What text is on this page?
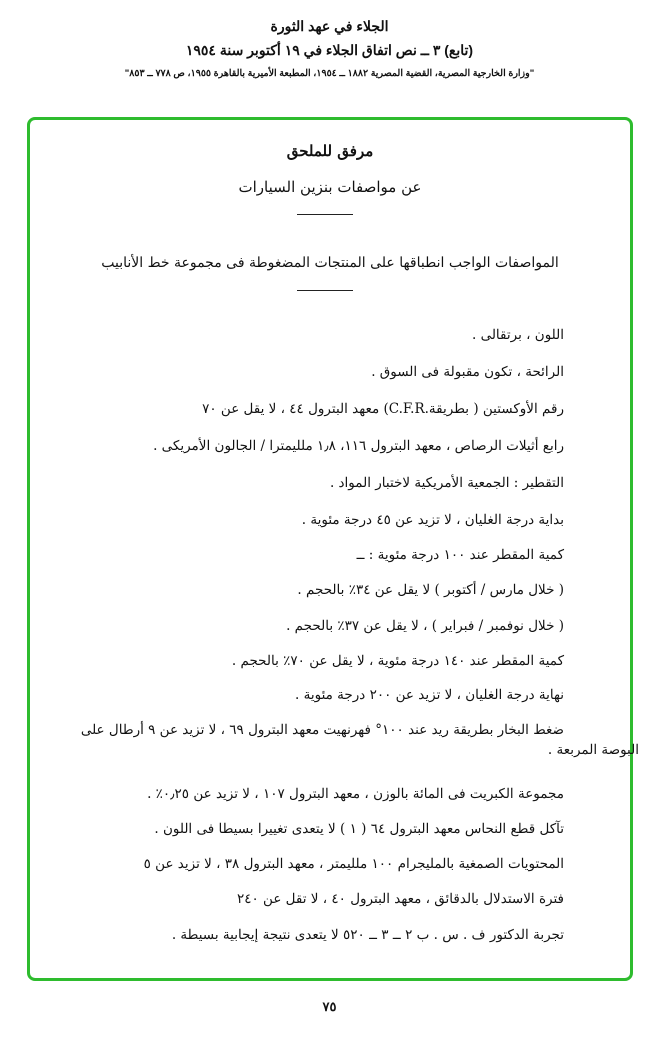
الجلاء في عهد الثورة
(تابع) ٣ ــ نص اتفاق الجلاء في ١٩ أكتوبر سنة ١٩٥٤
"وزارة الخارجية المصرية، القضية المصرية ١٨٨٢ ــ ١٩٥٤، المطبعة الأميرية بالقاهرة ١٩٥٥، ص ٧٧٨ ــ ٨٥٣"
مرفق للملحق
عن مواصفات بنزين السيارات
المواصفات الواجب انطباقها على المنتجات المضغوطة فى مجموعة خط الأنابيب
اللون ، برتقالى .
الرائحة ، تكون مقبولة فى السوق .
رقم الأوكستين ( بطريقة.C.F.R) معهد البترول ٤٤ ، لا يقل عن ٧٠
رابع أثيلات الرصاص ، معهد البترول ١١٦، ١٫٨ ملليمترا / الجالون الأمريكى .
التقطير : الجمعية الأمريكية لاختبار المواد .
بداية درجة الغليان ، لا تزيد عن ٤٥ درجة مئوية .
كمية المقطر عند ١٠٠ درجة مئوية : ــ
( خلال مارس / أكتوبر ) لا يقل عن ٣٤٪ بالحجم .
( خلال نوفمبر / فبراير ) ، لا يقل عن ٣٧٪ بالحجم .
كمية المقطر عند ١٤٠ درجة مئوية ، لا يقل عن ٧٠٪ بالحجم .
نهاية درجة الغليان ، لا تزيد عن ٢٠٠ درجة مئوية .
ضغط البخار بطريقة ريد عند ١٠٠° فهرنهيت معهد البترول ٦٩ ، لا تزيد عن ٩ أرطال على البوصة المربعة .
مجموعة الكبريت فى المائة بالوزن ، معهد البترول ١٠٧ ، لا تزيد عن ٠٫٢٥٪ .
تآكل قطع النحاس معهد البترول ٦٤ ( ١ ) لا يتعدى تغييرا بسيطا فى اللون .
المحتويات الصمغية بالمليجرام ١٠٠ ملليمتر ، معهد البترول ٣٨ ، لا تزيد عن ٥
فترة الاستدلال بالدقائق ، معهد البترول ٤٠ ، لا تقل عن ٢٤٠
تجربة الدكتور ف . س . ب ٢ ــ ٣ ــ ٥٢٠ لا يتعدى نتيجة إيجابية بسيطة .
٧٥
